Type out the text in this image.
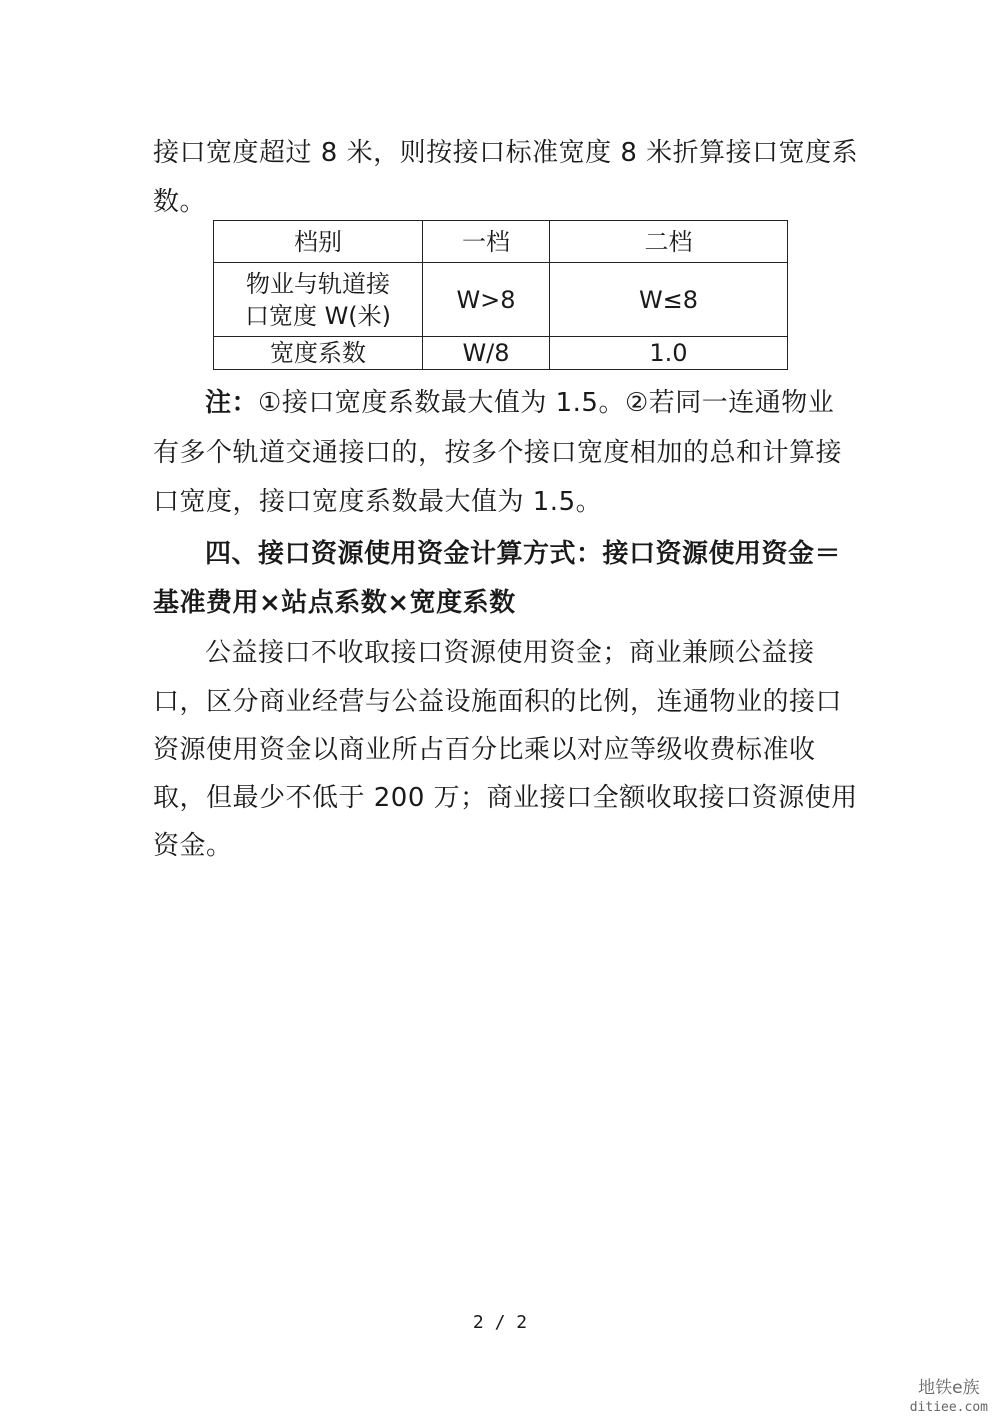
接口宽度超过 8 米，则按接口标准宽度 8 米折算接口宽度系
数。
档别	一档	二档

物业与轨道接
口宽度 W(米)	W>8	W≤8
宽度系数	W/8	1.0
注：①接口宽度系数最大值为 1.5。②若同一连通物业
有多个轨道交通接口的，按多个接口宽度相加的总和计算接
口宽度，接口宽度系数最大值为 1.5。
四、接口资源使用资金计算方式：接口资源使用资金＝
基准费用×站点系数×宽度系数
公益接口不收取接口资源使用资金；商业兼顾公益接
口，区分商业经营与公益设施面积的比例，连通物业的接口
资源使用资金以商业所占百分比乘以对应等级收费标准收
取，但最少不低于 200 万；商业接口全额收取接口资源使用
资金。
2 / 2
地铁e族
ditiee.com
